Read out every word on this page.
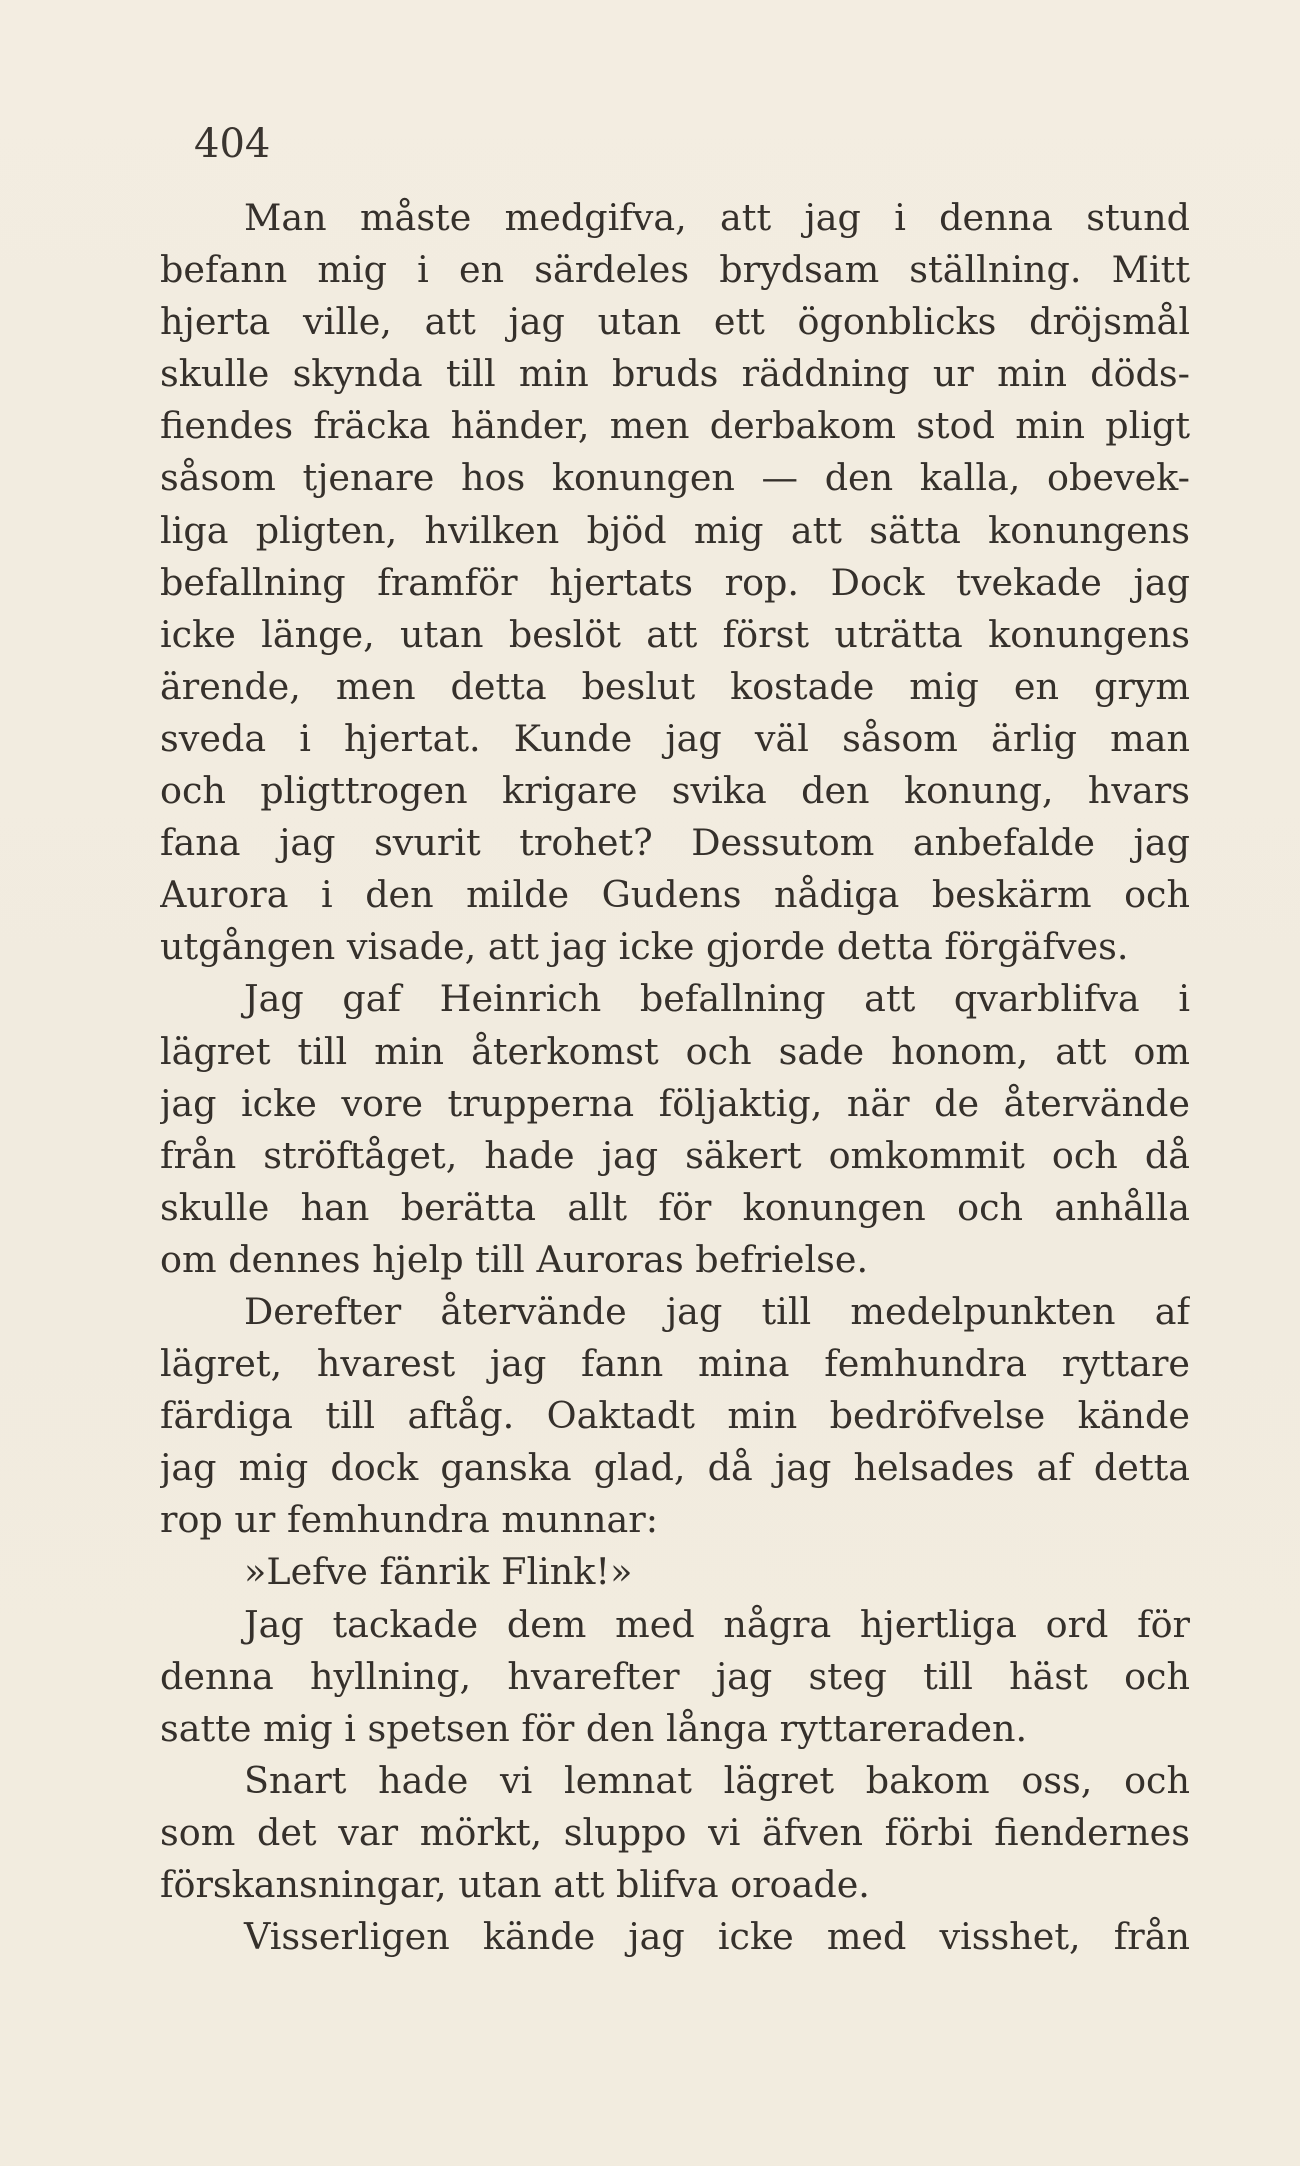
404
Man måste medgifva, att jag i denna stund
befann mig i en särdeles brydsam ställning. Mitt
hjerta ville, att jag utan ett ögonblicks dröjsmål
skulle skynda till min bruds räddning ur min döds-
fiendes fräcka händer, men derbakom stod min pligt
såsom tjenare hos konungen — den kalla, obevek-
liga pligten, hvilken bjöd mig att sätta konungens
befallning framför hjertats rop. Dock tvekade jag
icke länge, utan beslöt att först uträtta konungens
ärende, men detta beslut kostade mig en grym
sveda i hjertat. Kunde jag väl såsom ärlig man
och pligttrogen krigare svika den konung, hvars
fana jag svurit trohet? Dessutom anbefalde jag
Aurora i den milde Gudens nådiga beskärm och
utgången visade, att jag icke gjorde detta förgäfves.
Jag gaf Heinrich befallning att qvarblifva i
lägret till min återkomst och sade honom, att om
jag icke vore trupperna följaktig, när de återvände
från ströftåget, hade jag säkert omkommit och då
skulle han berätta allt för konungen och anhålla
om dennes hjelp till Auroras befrielse.
Derefter återvände jag till medelpunkten af
lägret, hvarest jag fann mina femhundra ryttare
färdiga till aftåg. Oaktadt min bedröfvelse kände
jag mig dock ganska glad, då jag helsades af detta
rop ur femhundra munnar:
»Lefve fänrik Flink!»
Jag tackade dem med några hjertliga ord för
denna hyllning, hvarefter jag steg till häst och
satte mig i spetsen för den långa ryttareraden.
Snart hade vi lemnat lägret bakom oss, och
som det var mörkt, sluppo vi äfven förbi fiendernes
förskansningar, utan att blifva oroade.
Visserligen kände jag icke med visshet, från
